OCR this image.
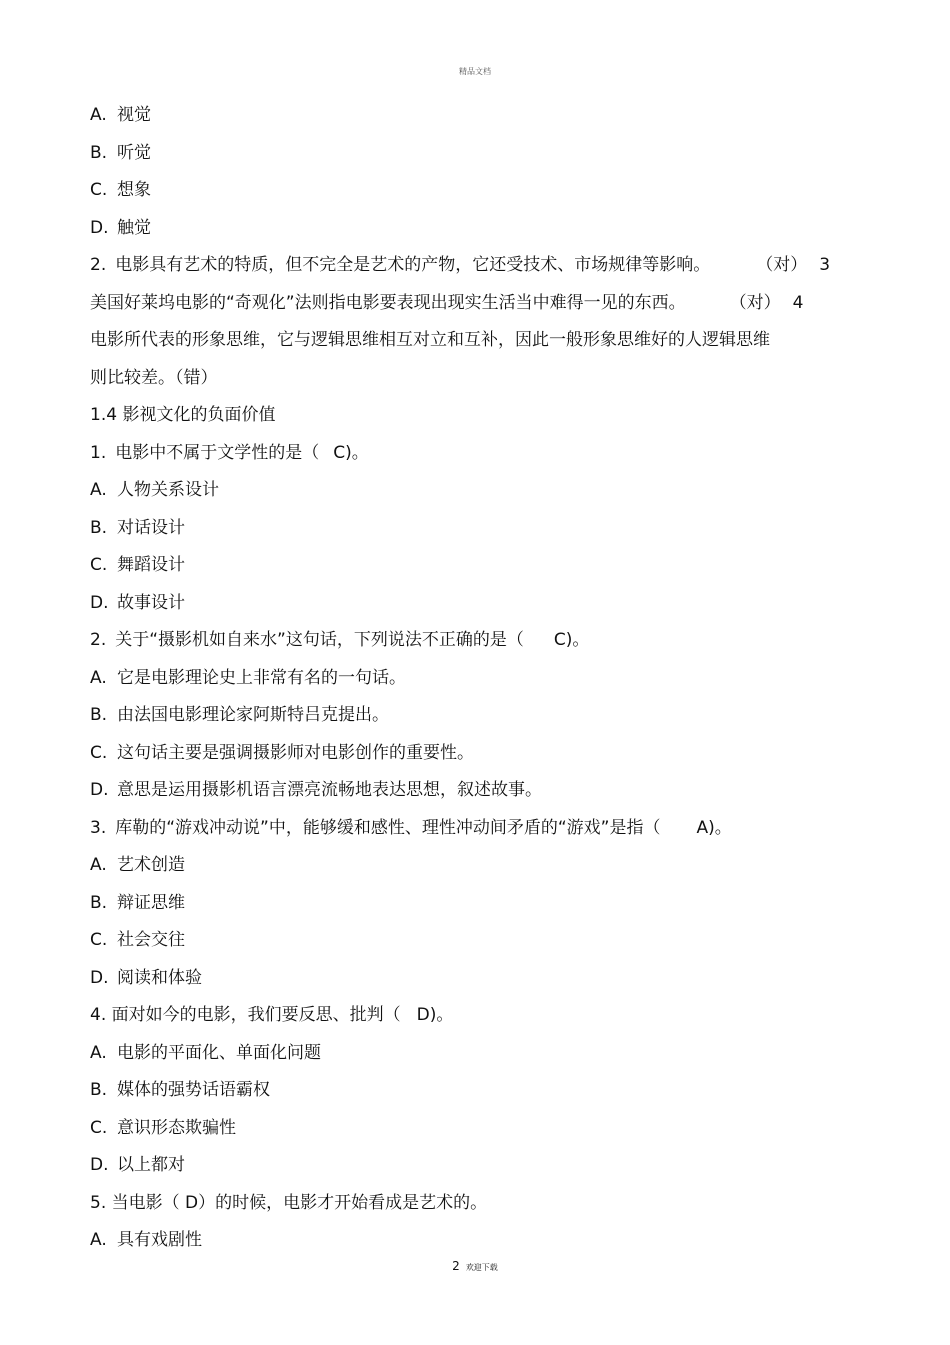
精品文档
A. 视觉
B. 听觉
C. 想象
D. 触觉
2. 电影具有艺术的特质，但不完全是艺术的产物，它还受技术、市场规律等影响。	（对） 3
美国好莱坞电影的“奇观化”法则指电影要表现出现实生活当中难得一见的东西。	（对） 4
电影所代表的形象思维，它与逻辑思维相互对立和互补，因此一般形象思维好的人逻辑思维
则比较差。（错）
1.4 影视文化的负面价值
1. 电影中不属于文学性的是（ C)。
A. 人物关系设计
B. 对话设计
C. 舞蹈设计
D. 故事设计
2. 关于“摄影机如自来水”这句话，下列说法不正确的是（ C)。
A. 它是电影理论史上非常有名的一句话。
B. 由法国电影理论家阿斯特吕克提出。
C. 这句话主要是强调摄影师对电影创作的重要性。
D. 意思是运用摄影机语言漂亮流畅地表达思想，叙述故事。
3. 库勒的“游戏冲动说”中，能够缓和感性、理性冲动间矛盾的“游戏”是指（ A)。
A. 艺术创造
B. 辩证思维
C. 社会交往
D. 阅读和体验
4. 面对如今的电影，我们要反思、批判（ D)。
A. 电影的平面化、单面化问题
B. 媒体的强势话语霸权
C. 意识形态欺骗性
D. 以上都对
5. 当电影（ D）的时候，电影才开始看成是艺术的。
A. 具有戏剧性
2 欢迎下载
